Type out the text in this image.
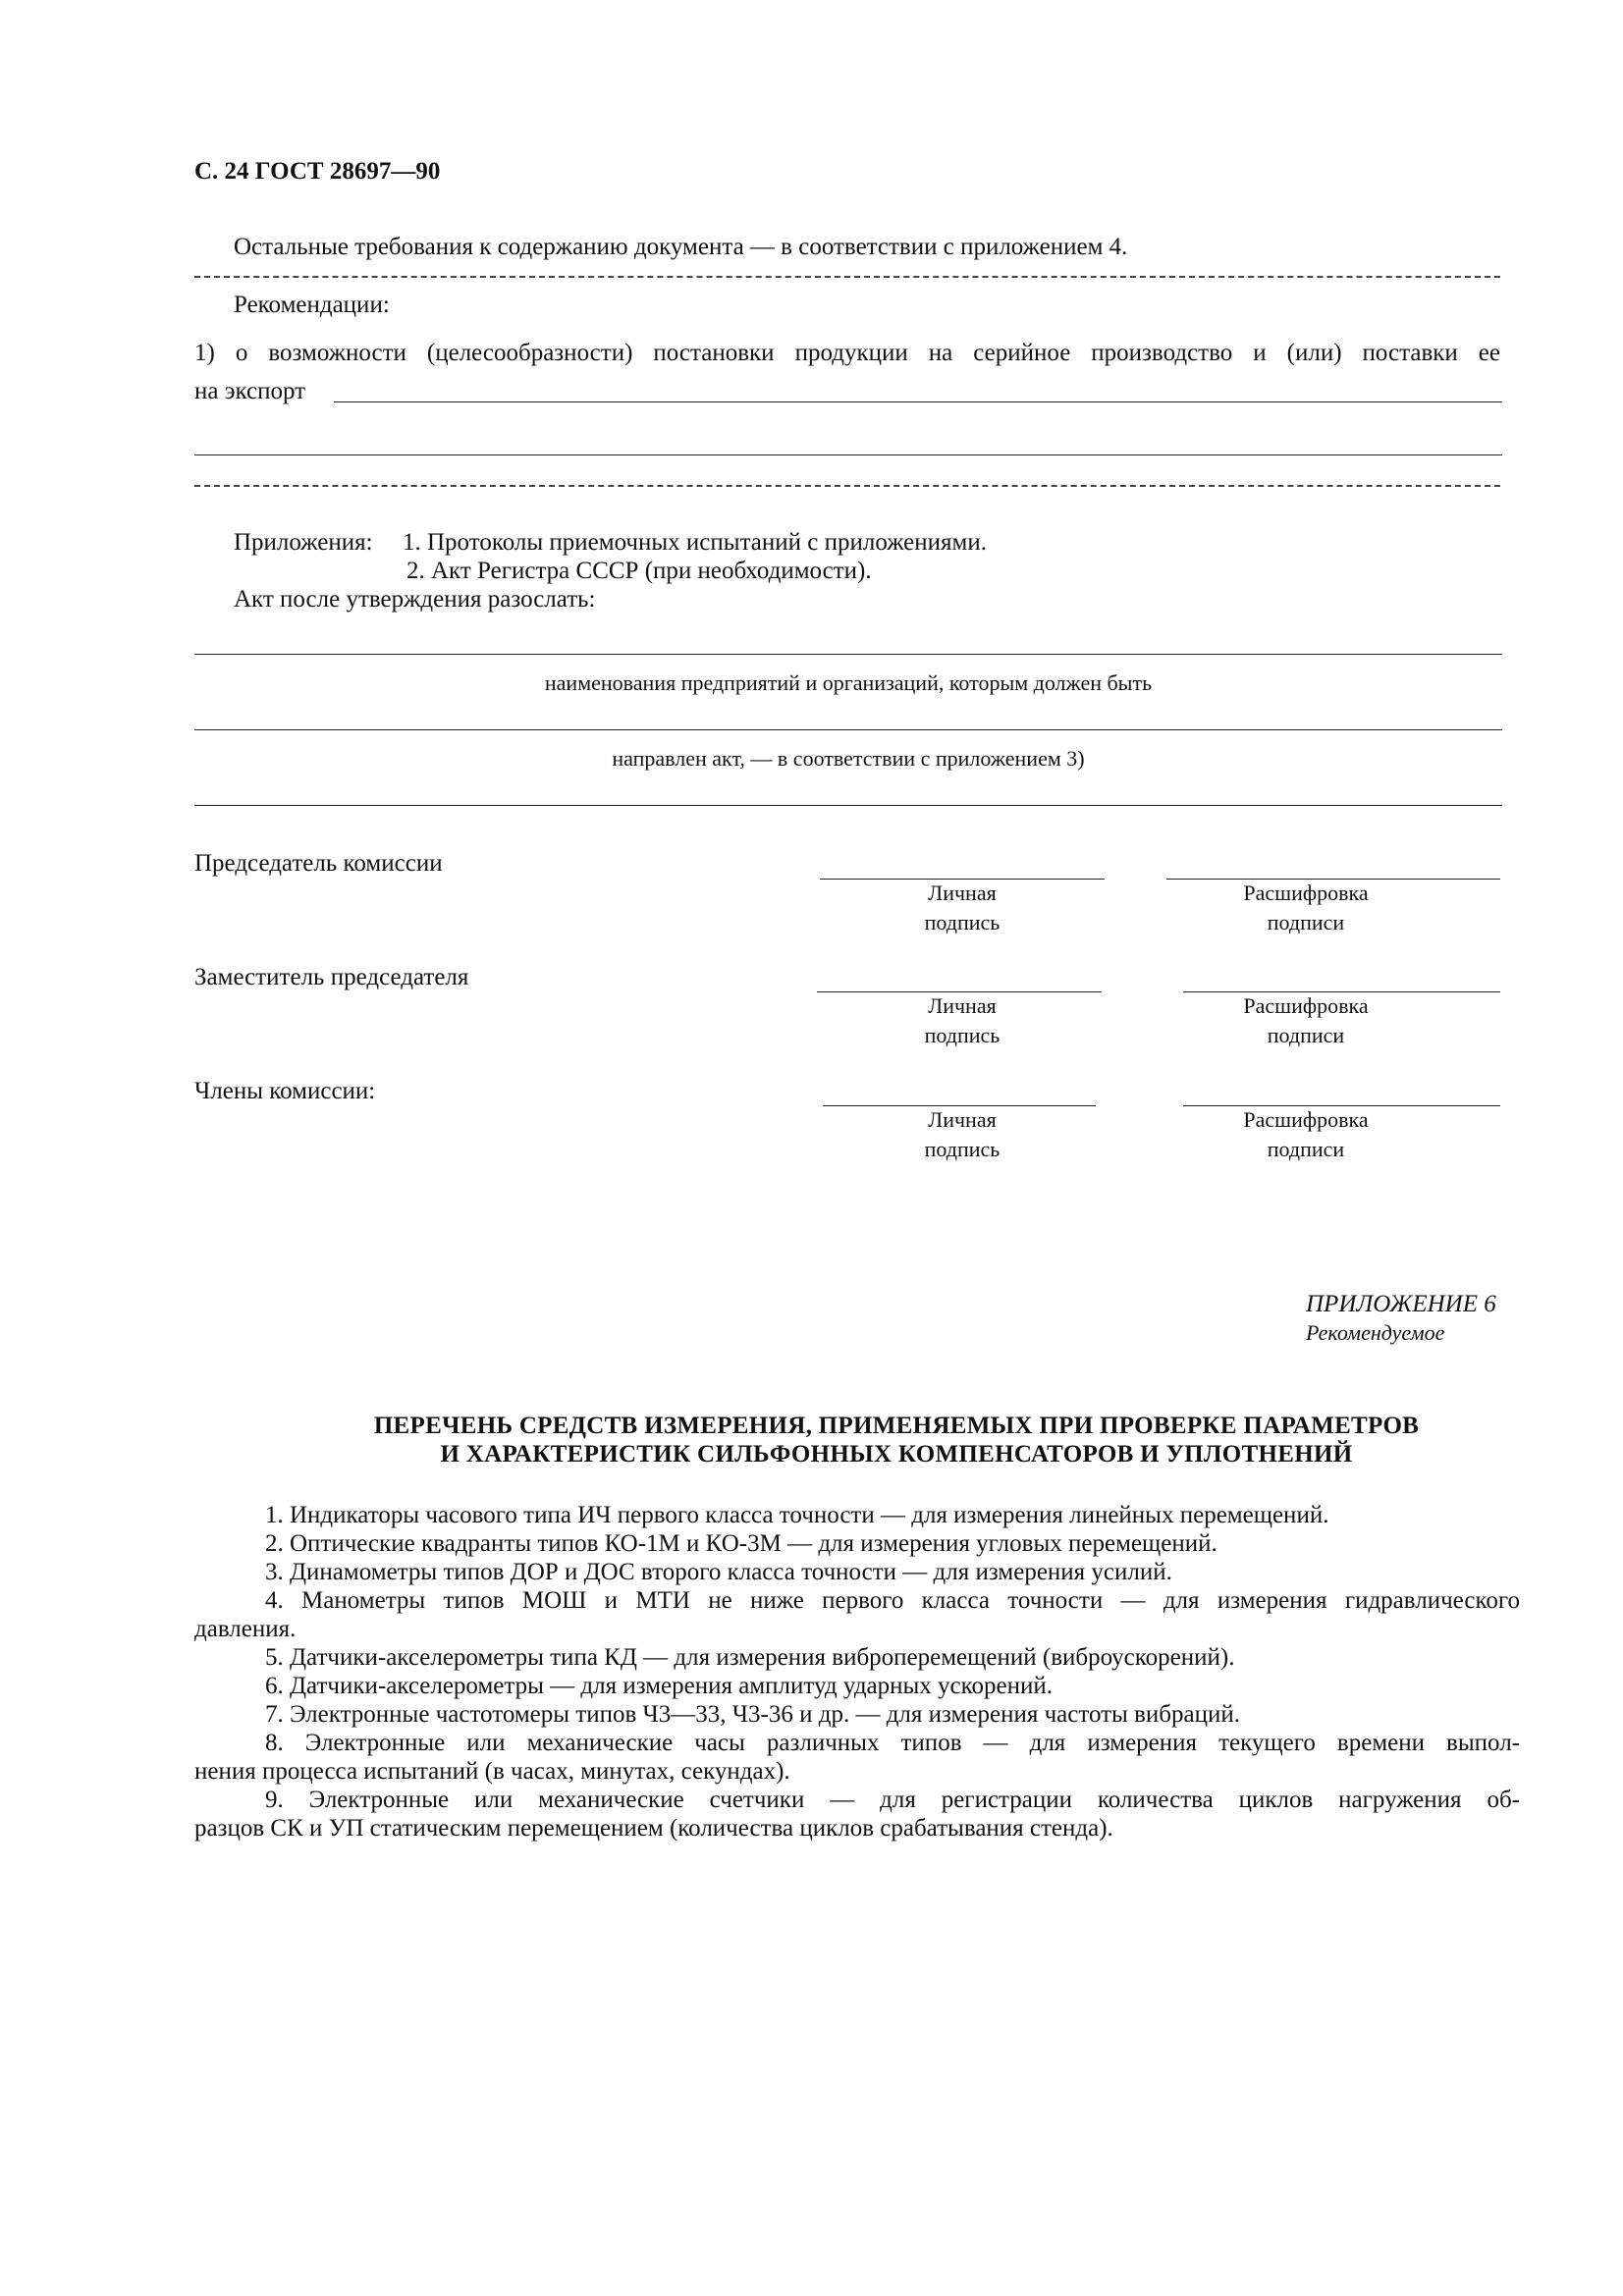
С. 24 ГОСТ 28697—90
Остальные требования к содержанию документа — в соответствии с приложением 4.
Рекомендации:
1) о возможности (целесообразности) постановки продукции на серийное производство и (или) поставки ее
на экспорт
Приложения: 1. Протоколы приемочных испытаний с приложениями.
2. Акт Регистра СССР (при необходимости).
Акт после утверждения разослать:
наименования предприятий и организаций, которым должен быть
направлен акт, — в соответствии с приложением 3)
Председатель комиссии
Личная
подпись
Расшифровка
подписи
Заместитель председателя
Личная
подпись
Расшифровка
подписи
Члены комиссии:
Личная
подпись
Расшифровка
подписи
ПРИЛОЖЕНИЕ 6
Рекомендуемое
ПЕРЕЧЕНЬ СРЕДСТВ ИЗМЕРЕНИЯ, ПРИМЕНЯЕМЫХ ПРИ ПРОВЕРКЕ ПАРАМЕТРОВ
И ХАРАКТЕРИСТИК СИЛЬФОННЫХ КОМПЕНСАТОРОВ И УПЛОТНЕНИЙ
1. Индикаторы часового типа ИЧ первого класса точности — для измерения линейных перемещений.
2. Оптические квадранты типов КО-1М и КО-3М — для измерения угловых перемещений.
3. Динамометры типов ДОР и ДОС второго класса точности — для измерения усилий.
4. Манометры типов МОШ и МТИ не ниже первого класса точности — для измерения гидравлического
давления.
5. Датчики-акселерометры типа КД — для измерения виброперемещений (виброускорений).
6. Датчики-акселерометры — для измерения амплитуд ударных ускорений.
7. Электронные частотомеры типов Ч3—33, Ч3-36 и др. — для измерения частоты вибраций.
8. Электронные или механические часы различных типов — для измерения текущего времени выпол-
нения процесса испытаний (в часах, минутах, секундах).
9. Электронные или механические счетчики — для регистрации количества циклов нагружения об-
разцов СК и УП статическим перемещением (количества циклов срабатывания стенда).
